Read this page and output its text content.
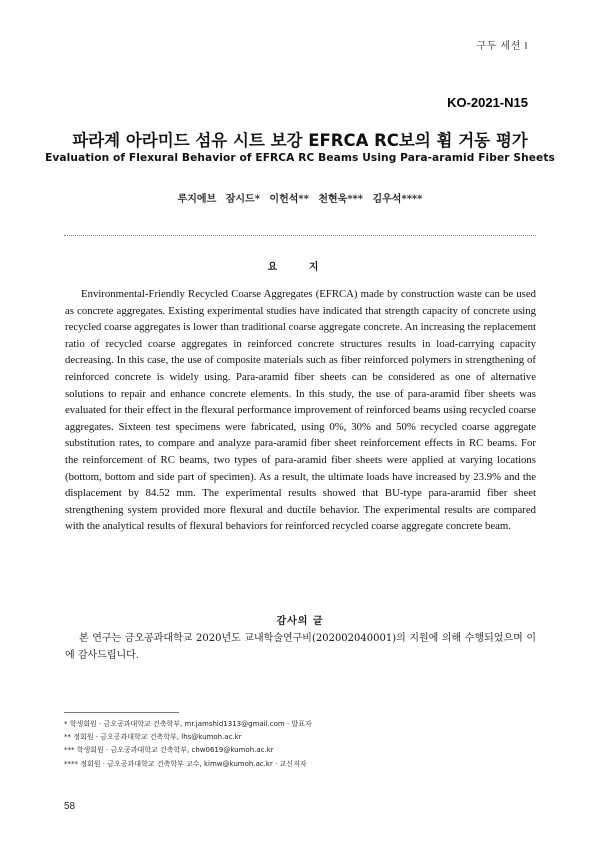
구두 세션 Ⅰ
KO-2021-N15
파라계 아라미드 섬유 시트 보강 EFRCA RC보의 휨 거동 평가
Evaluation of Flexural Behavior of EFRCA RC Beams Using Para-aramid Fiber Sheets
루지에브 잠시드* 이헌석** 천현욱*** 김우석****
요 지

Environmental-Friendly Recycled Coarse Aggregates (EFRCA) made by construction waste can be used as concrete aggregates. Existing experimental studies have indicated that strength capacity of concrete using recycled coarse aggregates is lower than traditional coarse aggregate concrete. An increasing the replacement ratio of recycled coarse aggregates in reinforced concrete structures results in load-carrying capacity decreasing. In this case, the use of composite materials such as fiber reinforced polymers in strengthening of reinforced concrete is widely using. Para-aramid fiber sheets can be considered as one of alternative solutions to repair and enhance concrete elements. In this study, the use of para-aramid fiber sheets was evaluated for their effect in the flexural performance improvement of reinforced beams using recycled coarse aggregates. Sixteen test specimens were fabricated, using 0%, 30% and 50% recycled coarse aggregate substitution rates, to compare and analyze para-aramid fiber sheet reinforcement effects in RC beams. For the reinforcement of RC beams, two types of para-aramid fiber sheets were applied at varying locations (bottom, bottom and side part of specimen). As a result, the ultimate loads have increased by 23.9% and the displacement by 84.52 mm. The experimental results showed that BU-type para-aramid fiber sheet strengthening system provided more flexural and ductile behavior. The experimental results are compared with the analytical results of flexural behaviors for reinforced recycled coarse aggregate concrete beam.

감사의 글

본 연구는 금오공과대학교 2020년도 교내학술연구비(202002040001)의 지원에 의해 수행되었으며 이에 감사드립니다.

* 학생회원 · 금오공과대학교 건축학부, mr.jamshid1313@gmail.com · 발표자
** 정회원 · 금오공과대학교 건축학부, lhs@kumoh.ac.kr
*** 학생회원 · 금오공과대학교 건축학부, chw0619@kumoh.ac.kr
**** 정회원 · 금오공과대학교 건축학부 교수, kimw@kumoh.ac.kr · 교신저자
58
